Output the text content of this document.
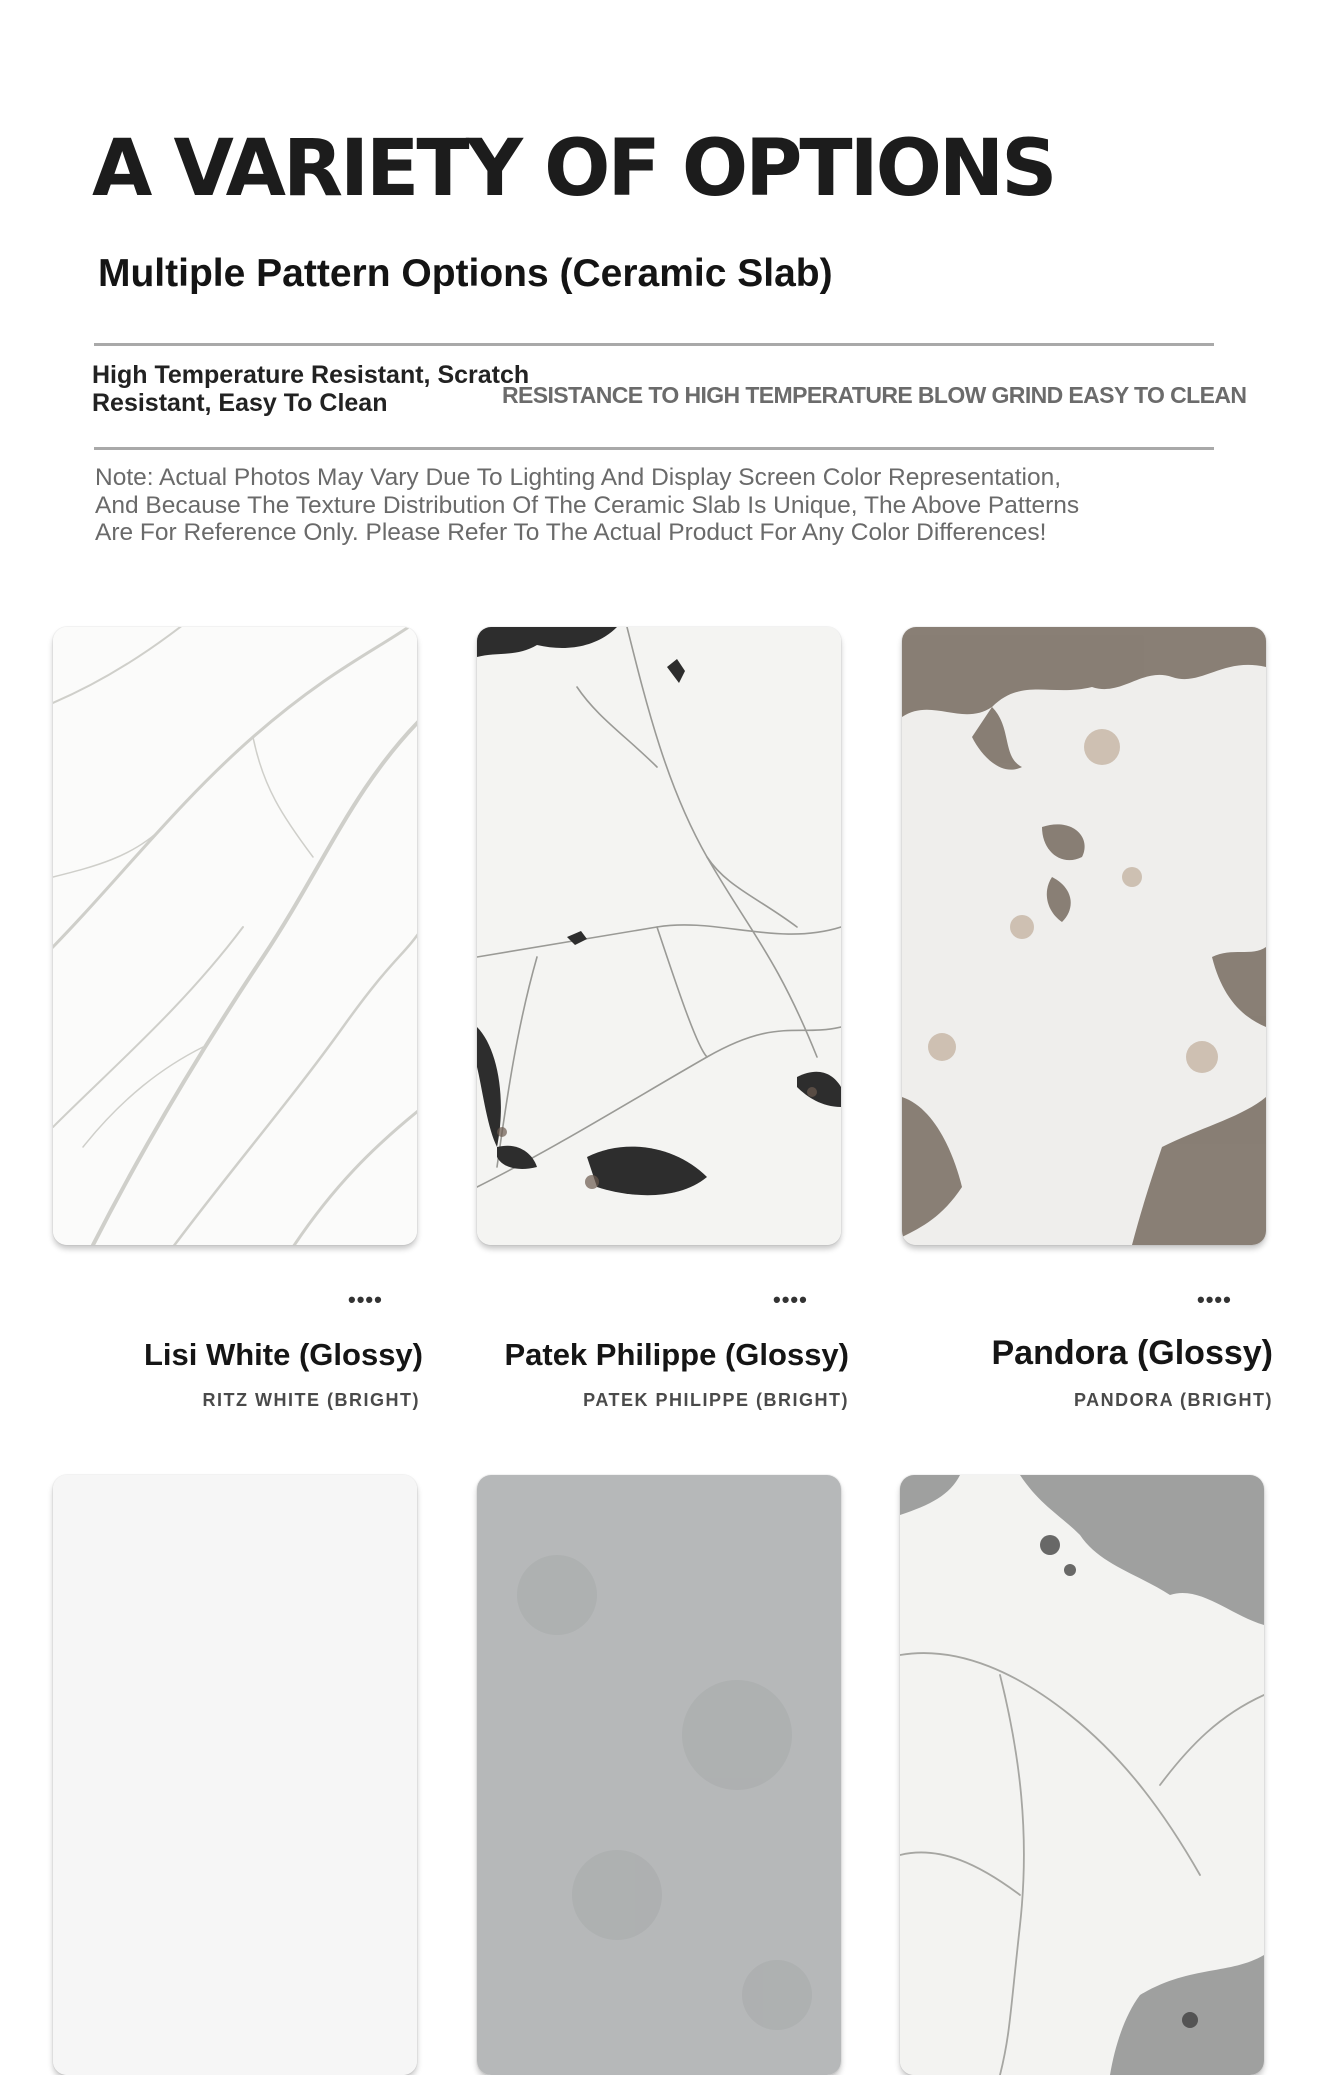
A VARIETY OF OPTIONS
Multiple Pattern Options (Ceramic Slab)
High Temperature Resistant, Scratch Resistant, Easy To Clean	RESISTANCE TO HIGH TEMPERATURE BLOW GRIND EASY TO CLEAN

Note: Actual Photos May Vary Due To Lighting And Display Screen Color Representation, And Because The Texture Distribution Of The Ceramic Slab Is Unique, The Above Patterns Are For Reference Only. Please Refer To The Actual Product For Any Color Differences!

••••
Lisi White (Glossy)
RITZ WHITE (BRIGHT)
••••
Patek Philippe (Glossy)
PATEK PHILIPPE (BRIGHT)
••••
Pandora (Glossy)
PANDORA (BRIGHT)
